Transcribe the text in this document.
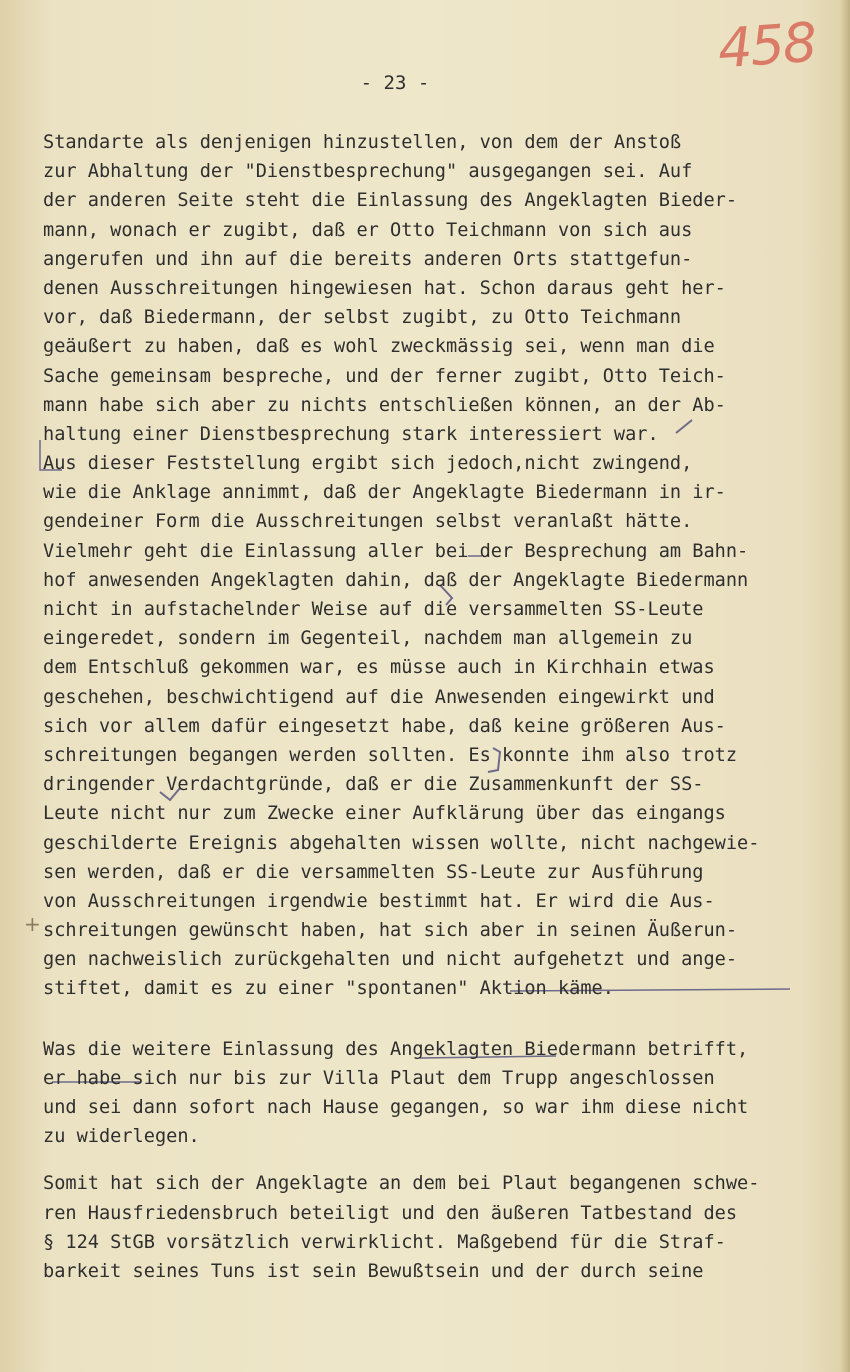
458
- 23 -
+
Standarte als denjenigen hinzustellen, von dem der Anstoß
zur Abhaltung der "Dienstbesprechung" ausgegangen sei. Auf
der anderen Seite steht die Einlassung des Angeklagten Bieder-
mann, wonach er zugibt, daß er Otto Teichmann von sich aus
angerufen und ihn auf die bereits anderen Orts stattgefun-
denen Ausschreitungen hingewiesen hat. Schon daraus geht her-
vor, daß Biedermann, der selbst zugibt, zu Otto Teichmann
geäußert zu haben, daß es wohl zweckmässig sei, wenn man die
Sache gemeinsam bespreche, und der ferner zugibt, Otto Teich-
mann habe sich aber zu nichts entschließen können, an der Ab-
haltung einer Dienstbesprechung stark interessiert war.
Aus dieser Feststellung ergibt sich jedoch,nicht zwingend,
wie die Anklage annimmt, daß der Angeklagte Biedermann in ir-
gendeiner Form die Ausschreitungen selbst veranlaßt hätte.
Vielmehr geht die Einlassung aller bei der Besprechung am Bahn-
hof anwesenden Angeklagten dahin, daß der Angeklagte Biedermann
nicht in aufstachelnder Weise auf die versammelten SS-Leute
eingeredet, sondern im Gegenteil, nachdem man allgemein zu
dem Entschluß gekommen war, es müsse auch in Kirchhain etwas
geschehen, beschwichtigend auf die Anwesenden eingewirkt und
sich vor allem dafür eingesetzt habe, daß keine größeren Aus-
schreitungen begangen werden sollten. Es konnte ihm also trotz
dringender Verdachtgründe, daß er die Zusammenkunft der SS-
Leute nicht nur zum Zwecke einer Aufklärung über das eingangs
geschilderte Ereignis abgehalten wissen wollte, nicht nachgewie-
sen werden, daß er die versammelten SS-Leute zur Ausführung
von Ausschreitungen irgendwie bestimmt hat. Er wird die Aus-
schreitungen gewünscht haben, hat sich aber in seinen Äußerun-
gen nachweislich zurückgehalten und nicht aufgehetzt und ange-
stiftet, damit es zu einer "spontanen" Aktion käme.
Was die weitere Einlassung des Angeklagten Biedermann betrifft,
er habe sich nur bis zur Villa Plaut dem Trupp angeschlossen
und sei dann sofort nach Hause gegangen, so war ihm diese nicht
zu widerlegen.
Somit hat sich der Angeklagte an dem bei Plaut begangenen schwe-
ren Hausfriedensbruch beteiligt und den äußeren Tatbestand des
§ 124 StGB vorsätzlich verwirklicht. Maßgebend für die Straf-
barkeit seines Tuns ist sein Bewußtsein und der durch seine
